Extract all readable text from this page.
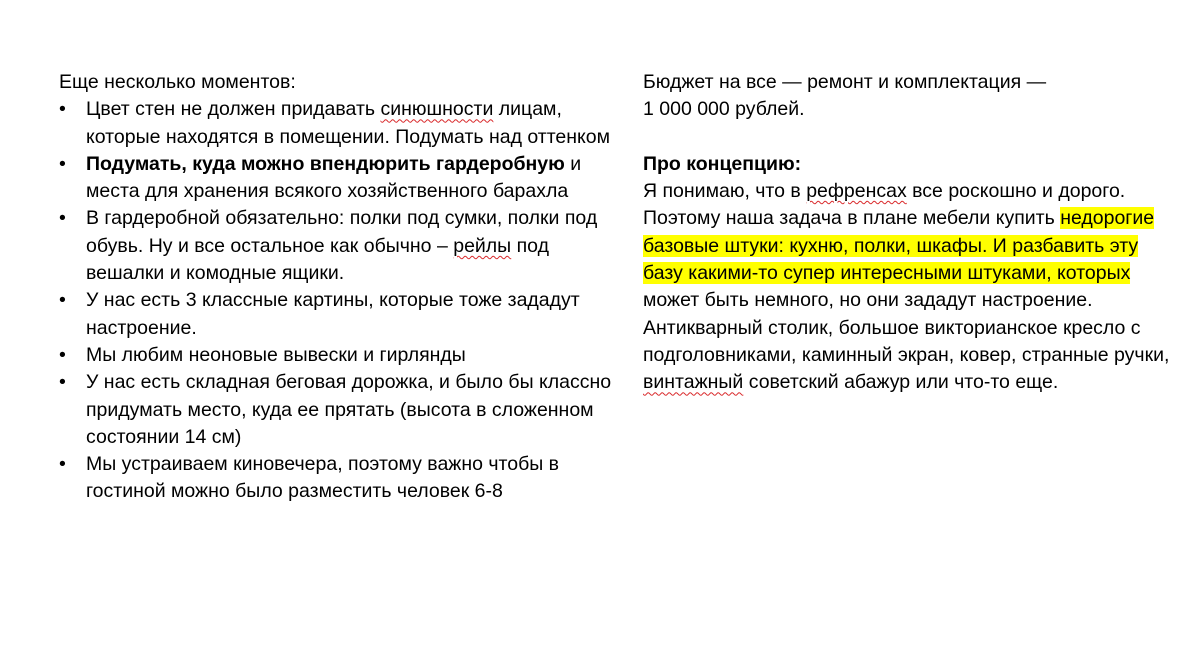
Еще несколько моментов:
• Цвет стен не должен придавать синюшности лицам, которые находятся в помещении. Подумать над оттенком
• Подумать, куда можно впендюрить гардеробную и места для хранения всякого хозяйственного барахла
• В гардеробной обязательно: полки под сумки, полки под обувь. Ну и все остальное как обычно – рейлы под вешалки и комодные ящики.
• У нас есть 3 классные картины, которые тоже зададут настроение.
• Мы любим неоновые вывески и гирлянды
• У нас есть складная беговая дорожка, и было бы классно придумать место, куда ее прятать (высота в сложенном состоянии 14 см)
• Мы устраиваем киновечера, поэтому важно чтобы в гостиной можно было разместить человек 6-8
Бюджет на все — ремонт и комплектация —
1 000 000 рублей.
Про концепцию:
Я понимаю, что в рефренсах все роскошно и дорого. Поэтому наша задача в плане мебели купить недорогие базовые штуки: кухню, полки, шкафы. И разбавить эту базу какими-то супер интересными штуками, которых может быть немного, но они зададут настроение. Антикварный столик, большое викторианское кресло с подголовниками, каминный экран, ковер, странные ручки, винтажный советский абажур или что-то еще.
